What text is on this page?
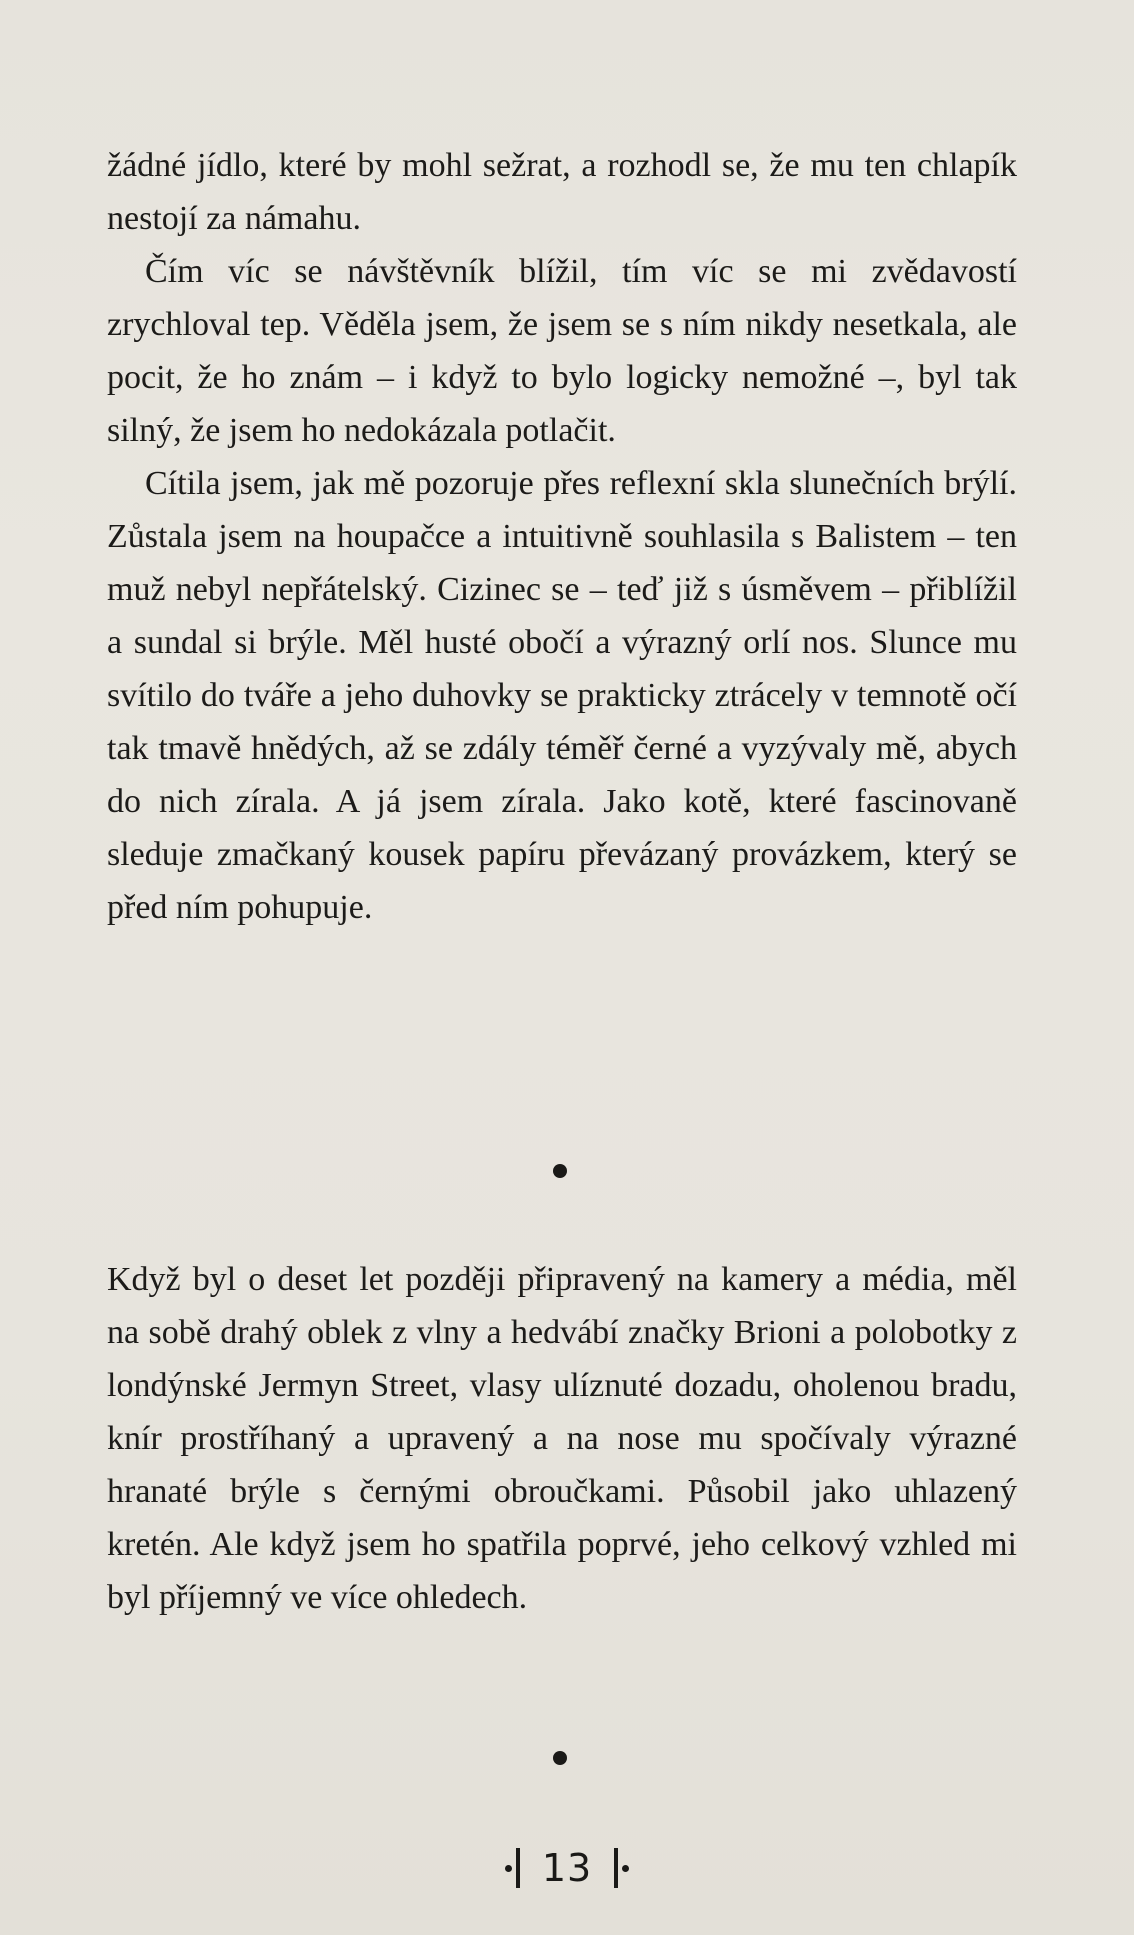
žádné jídlo, které by mohl sežrat, a rozhodl se, že mu ten chlapík nestojí za námahu.

Čím víc se návštěvník blížil, tím víc se mi zvědavostí zrychloval tep. Věděla jsem, že jsem se s ním nikdy nesetkala, ale pocit, že ho znám – i když to bylo logicky nemožné –, byl tak silný, že jsem ho nedokázala potlačit.

Cítila jsem, jak mě pozoruje přes reflexní skla slunečních brýlí. Zůstala jsem na houpačce a intuitivně souhlasila s Balistem – ten muž nebyl nepřátelský. Cizinec se – teď již s úsměvem – přiblížil a sundal si brýle. Měl husté obočí a výrazný orlí nos. Slunce mu svítilo do tváře a jeho duhovky se prakticky ztrácely v temnotě očí tak tmavě hnědých, až se zdály téměř černé a vyzývaly mě, abych do nich zírala. A já jsem zírala. Jako kotě, které fascinovaně sleduje zmačkaný kousek papíru převázaný provázkem, který se před ním pohupuje.

Když byl o deset let později připravený na kamery a média, měl na sobě drahý oblek z vlny a hedvábí značky Brioni a polobotky z londýnské Jermyn Street, vlasy ulíznuté dozadu, oholenou bradu, knír prostříhaný a upravený a na nose mu spočívaly výrazné hranaté brýle s černými obroučkami. Působil jako uhlazený kretén. Ale když jsem ho spatřila poprvé, jeho celkový vzhled mi byl příjemný ve více ohledech.

13
